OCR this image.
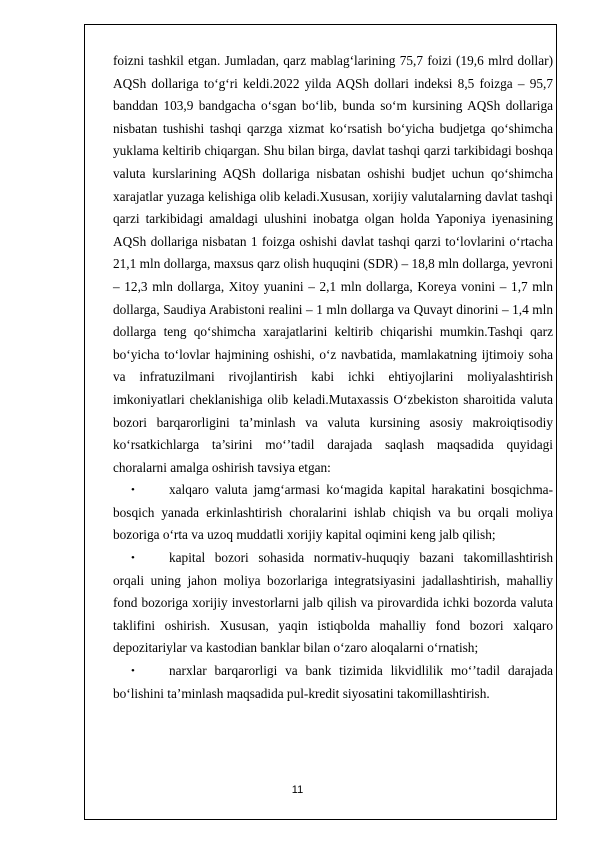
foizni tashkil etgan. Jumladan, qarz mablag‘larining 75,7 foizi (19,6 mlrd dollar) AQSh dollariga to‘g‘ri keldi.2022 yilda AQSh dollari indeksi 8,5 foizga – 95,7 banddan 103,9 bandgacha o‘sgan bo‘lib, bunda so‘m kursining AQSh dollariga nisbatan tushishi tashqi qarzga xizmat ko‘rsatish bo‘yicha budjetga qo‘shimcha yuklama keltirib chiqargan. Shu bilan birga, davlat tashqi qarzi tarkibidagi boshqa valuta kurslarining AQSh dollariga nisbatan oshishi budjet uchun qo‘shimcha xarajatlar yuzaga kelishiga olib keladi.Xususan, xorijiy valutalarning davlat tashqi qarzi tarkibidagi amaldagi ulushini inobatga olgan holda Yaponiya iyenasining AQSh dollariga nisbatan 1 foizga oshishi davlat tashqi qarzi to‘lovlarini o‘rtacha 21,1 mln dollarga, maxsus qarz olish huquqini (SDR) – 18,8 mln dollarga, yevroni – 12,3 mln dollarga, Xitoy yuanini – 2,1 mln dollarga, Koreya vonini – 1,7 mln dollarga, Saudiya Arabistoni realini – 1 mln dollarga va Quvayt dinorini – 1,4 mln dollarga teng qo‘shimcha xarajatlarini keltirib chiqarishi mumkin.Tashqi qarz bo‘yicha to‘lovlar hajmining oshishi, o‘z navbatida, mamlakatning ijtimoiy soha va infratuzilmani rivojlantirish kabi ichki ehtiyojlarini moliyalashtirish imkoniyatlari cheklanishiga olib keladi.Mutaxassis O‘zbekiston sharoitida valuta bozori barqarorligini ta’minlash va valuta kursining asosiy makroiqtisodiy ko‘rsatkichlarga ta’sirini mo‘’tadil darajada saqlash maqsadida quyidagi choralarni amalga oshirish tavsiya etgan:

•	xalqaro valuta jamg‘armasi ko‘magida kapital harakatini bosqichma-bosqich yanada erkinlashtirish choralarini ishlab chiqish va bu orqali moliya bozoriga o‘rta va uzoq muddatli xorijiy kapital oqimini keng jalb qilish;

•	kapital bozori sohasida normativ-huquqiy bazani takomillashtirish orqali uning jahon moliya bozorlariga integratsiyasini jadallashtirish, mahalliy fond bozoriga xorijiy investorlarni jalb qilish va pirovardida ichki bozorda valuta taklifini oshirish. Xususan, yaqin istiqbolda mahalliy fond bozori xalqaro depozitariylar va kastodian banklar bilan o‘zaro aloqalarni o‘rnatish;

•	narxlar barqarorligi va bank tizimida likvidlilik mo‘’tadil darajada bo‘lishini ta’minlash maqsadida pul-kredit siyosatini takomillashtirish.

11
